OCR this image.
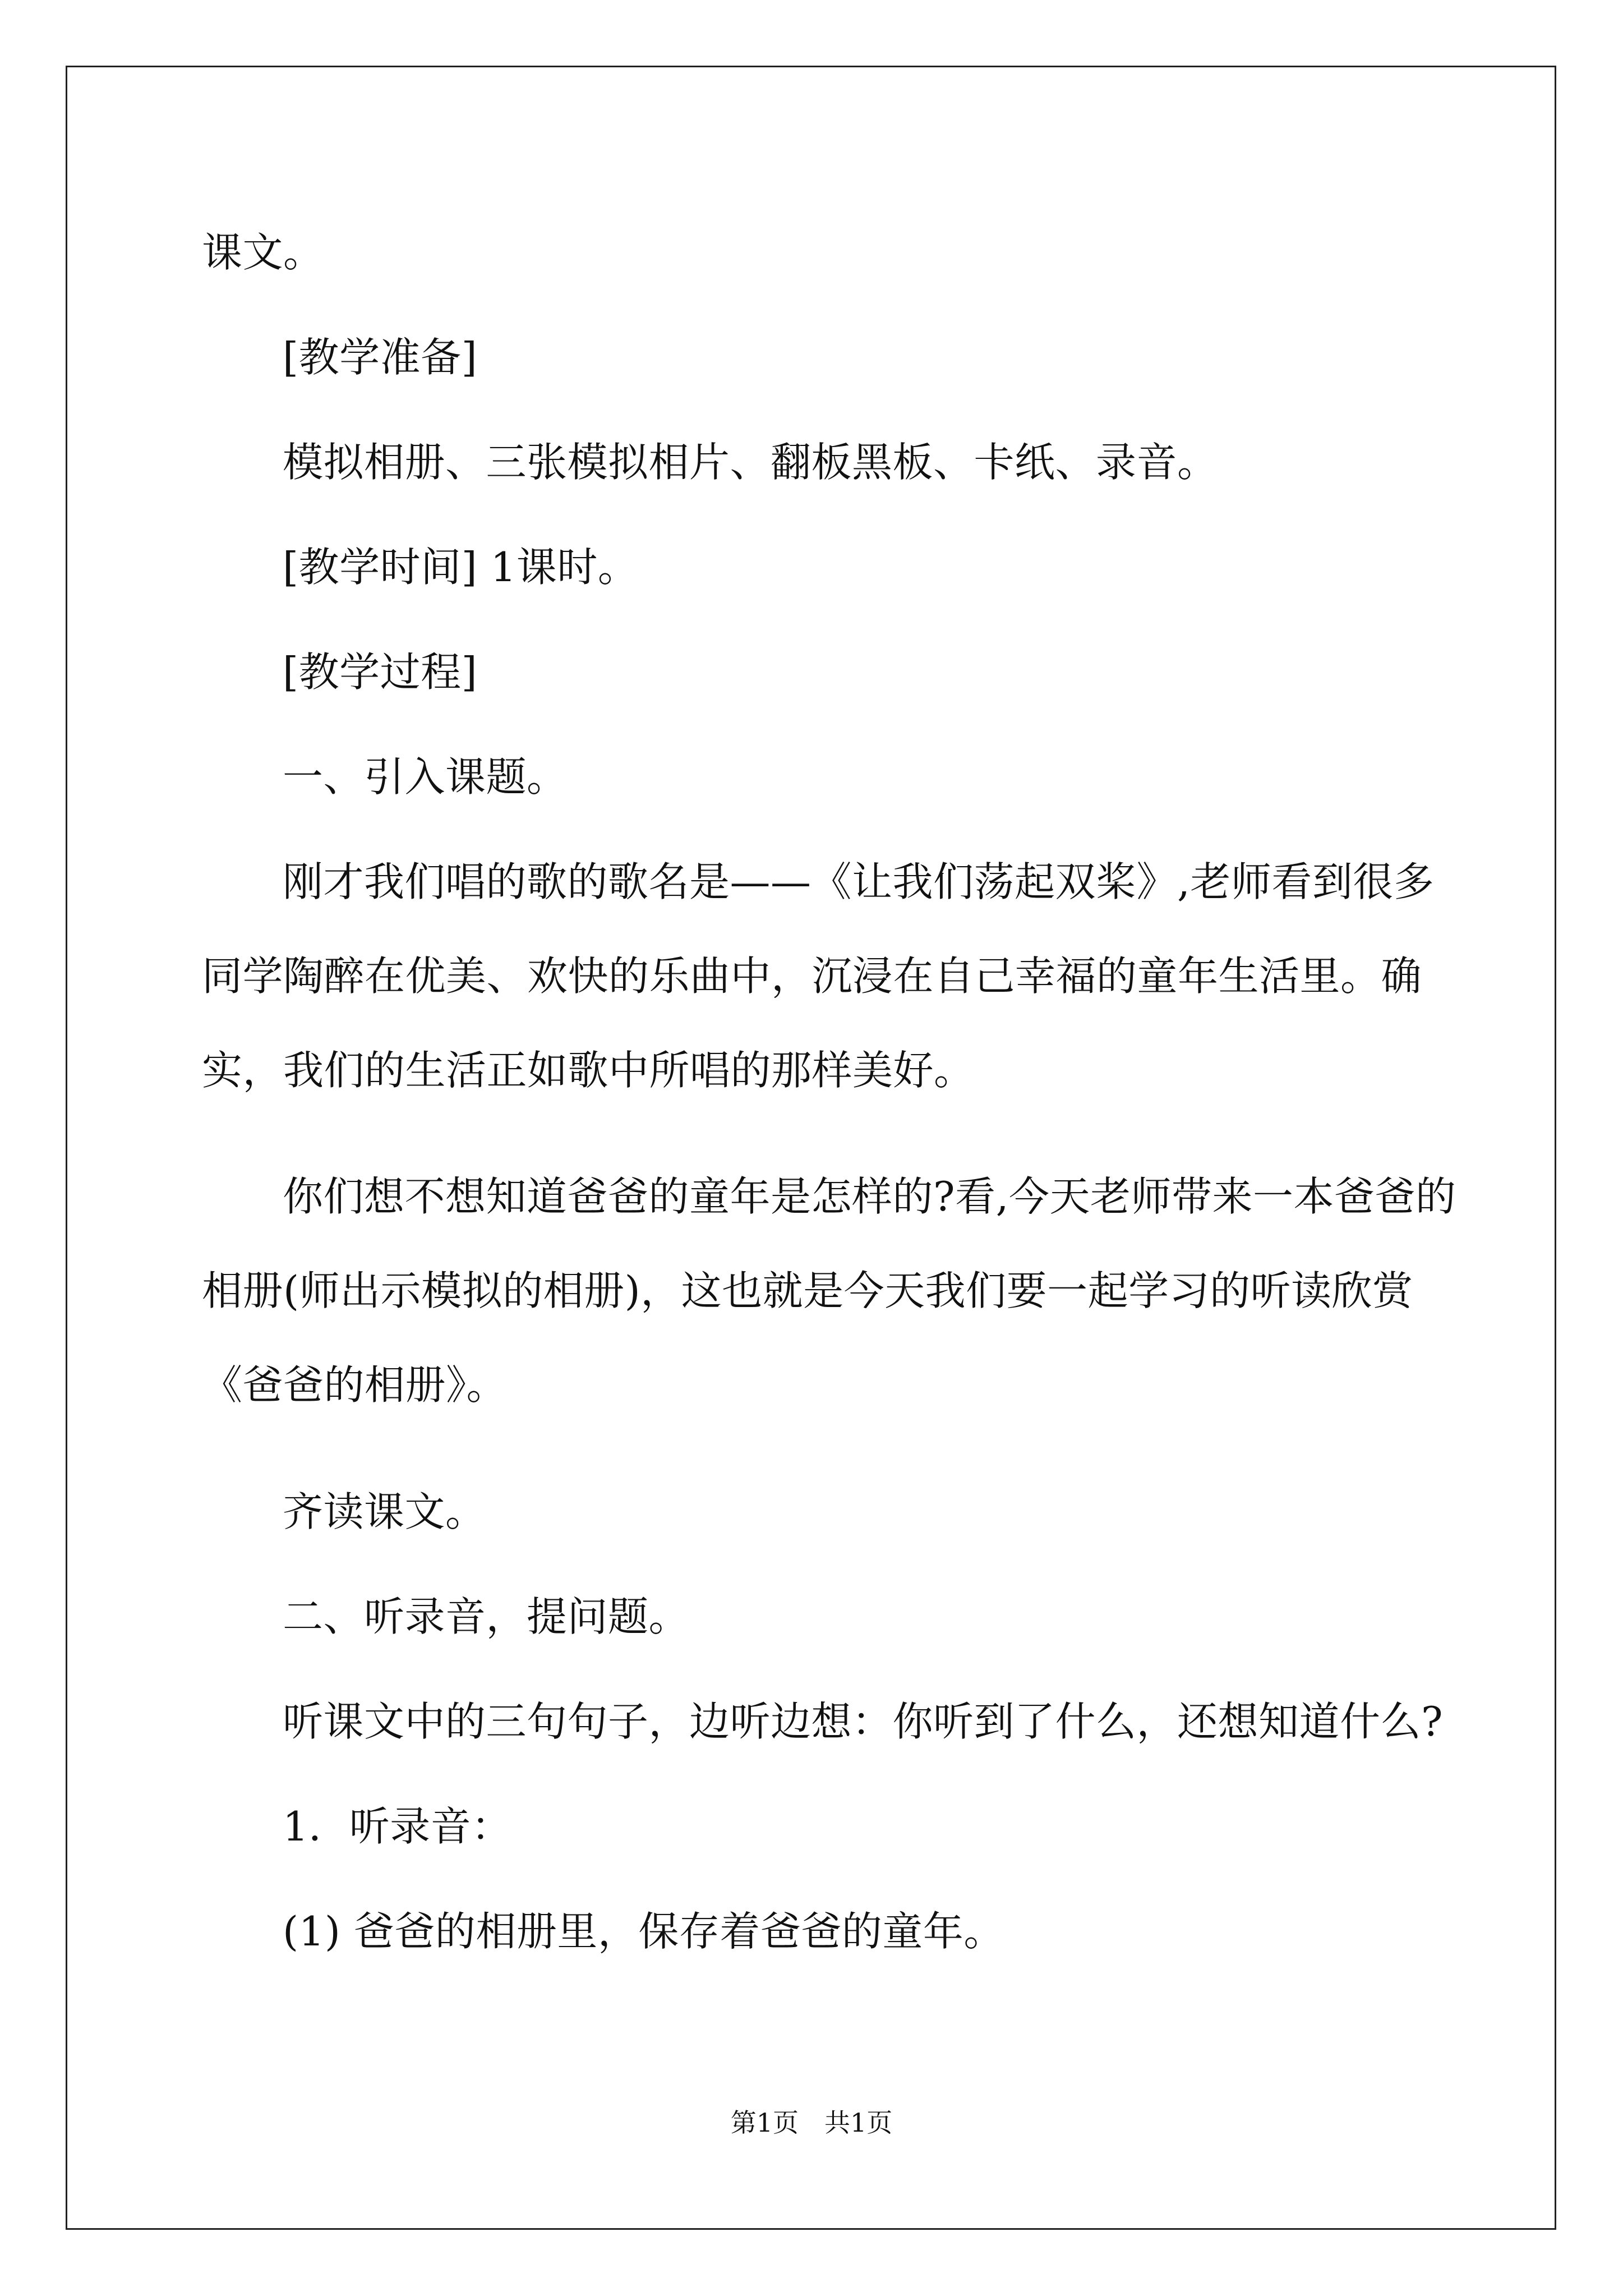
课文。

[教学准备]

模拟相册、三张模拟相片、翻板黑板、卡纸、录音。

[教学时间] 1课时。

[教学过程]

一、引入课题。

刚才我们唱的歌的歌名是——《让我们荡起双桨》,老师看到很多同学陶醉在优美、欢快的乐曲中，沉浸在自己幸福的童年生活里。确实，我们的生活正如歌中所唱的那样美好。

你们想不想知道爸爸的童年是怎样的?看,今天老师带来一本爸爸的相册(师出示模拟的相册)，这也就是今天我们要一起学习的听读欣赏《爸爸的相册》。

齐读课文。

二、听录音，提问题。

听课文中的三句句子，边听边想：你听到了什么，还想知道什么?

1．听录音：

(1) 爸爸的相册里，保存着爸爸的童年。

第1页　共1页
